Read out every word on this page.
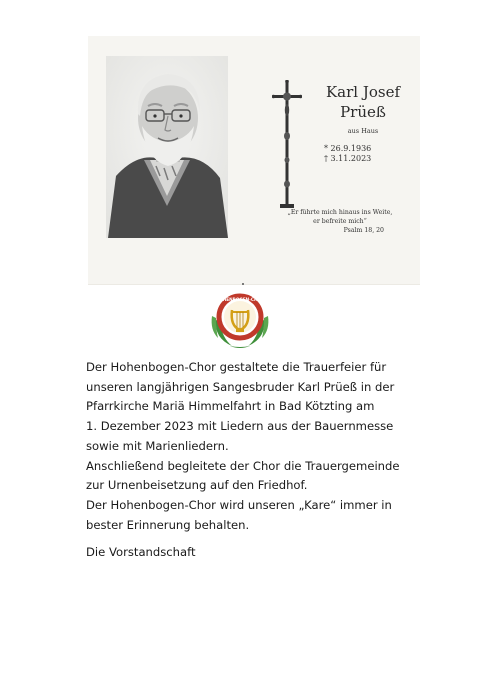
Karl Josef
Prüeß
aus Haus
* 26.9.1936
† 3.11.2023
„Er führte mich hinaus ins Weite,
er befreite mich“
Psalm 18, 20
HOHENBOGEN-CHOR
Der Hohenbogen-Chor gestaltete die Trauerfeier für
unseren langjährigen Sangesbruder Karl Prüeß in der
Pfarrkirche Mariä Himmelfahrt in Bad Kötzting am
1. Dezember 2023 mit Liedern aus der Bauernmesse
sowie mit Marienliedern.
Anschließend begleitete der Chor die Trauergemeinde
zur Urnenbeisetzung auf den Friedhof.
Der Hohenbogen-Chor wird unseren „Kare“ immer in
bester Erinnerung behalten.
Die Vorstandschaft
